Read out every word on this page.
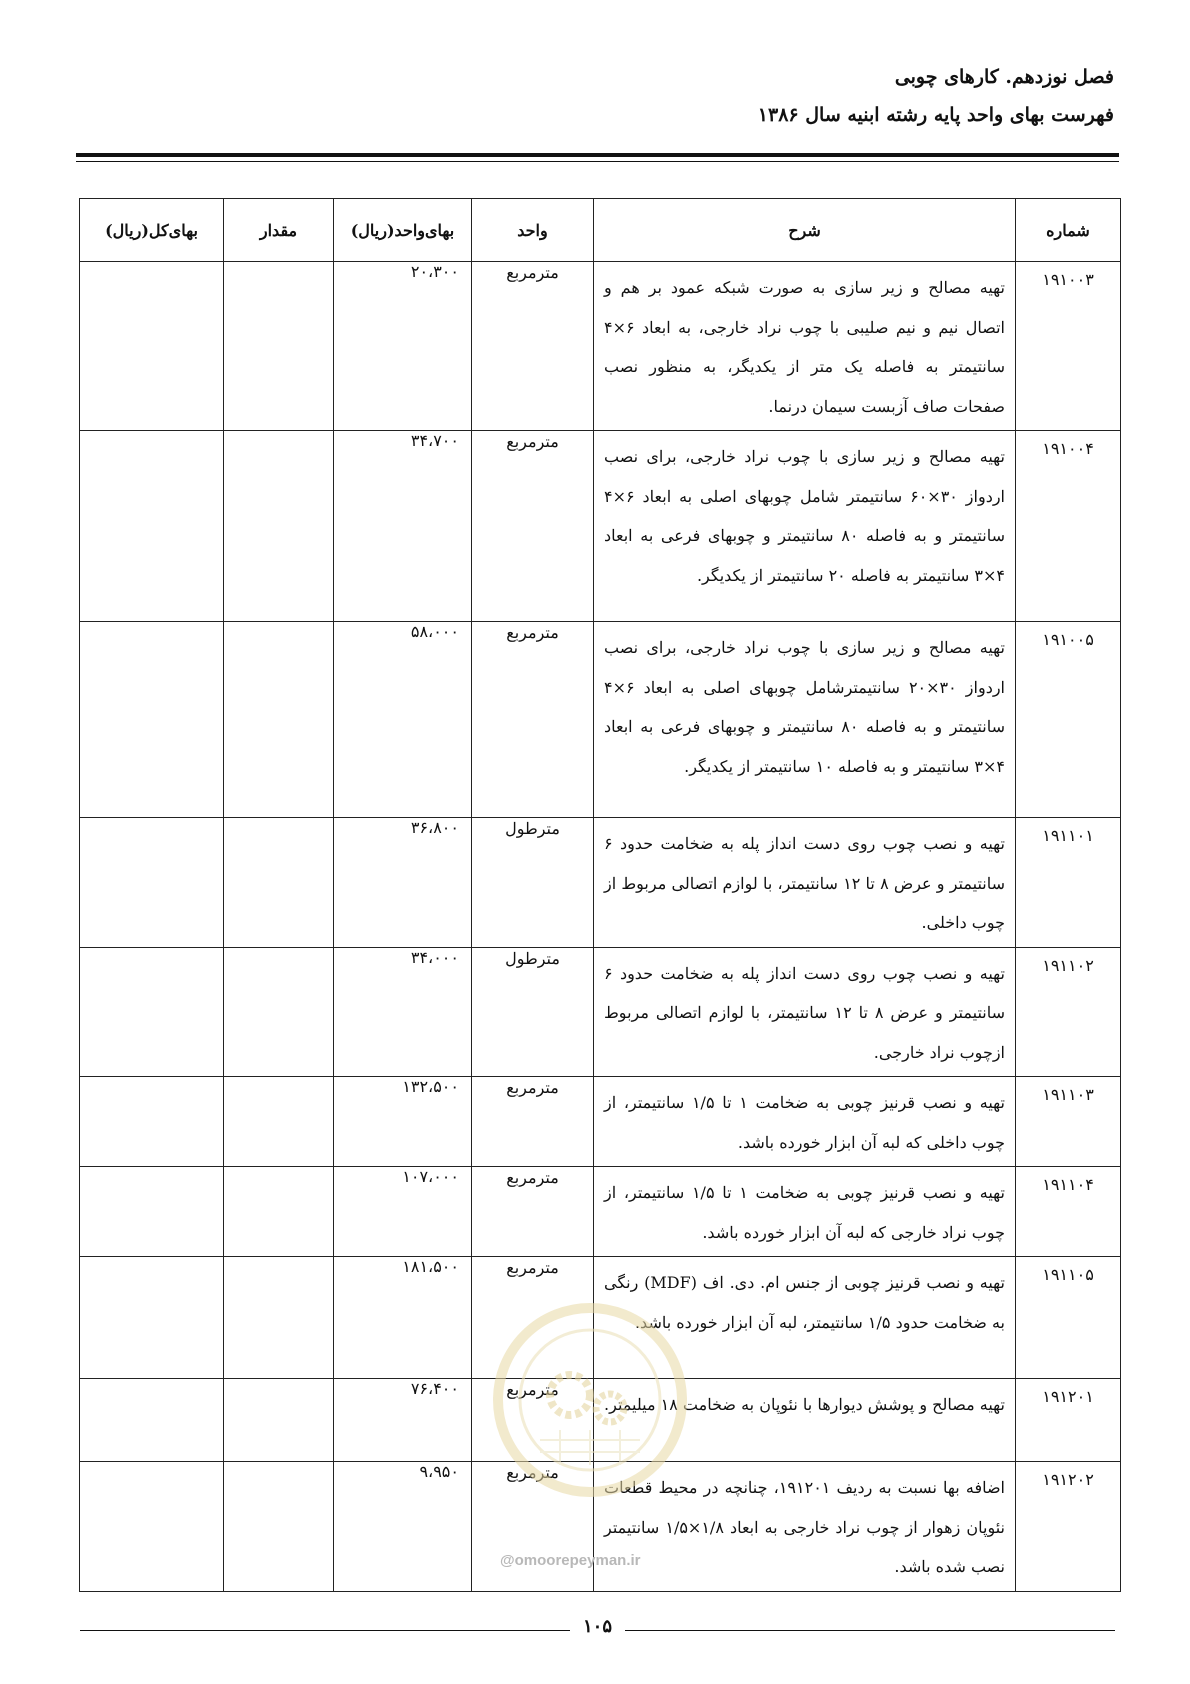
فصل نوزدهم. کارهای چوبی

فهرست بهای واحد پایه رشته ابنیه سال ۱۳۸۶

شماره	شرح	واحد	بهای‌واحد(ریال)	مقدار	بهای‌کل(ریال)
۱۹۱۰۰۳	تهیه مصالح و زیر سازی به صورت شبکه عمود بر هم و اتصال نیم و نیم صلیبی با چوب نراد خارجی، به ابعاد ۶×۴ سانتیمتر به فاصله یک متر از یکدیگر، به منظور نصب صفحات صاف آزبست سیمان درنما.	مترمربع	۲۰،۳۰۰		
۱۹۱۰۰۴	تهیه مصالح و زیر سازی با چوب نراد خارجی، برای نصب اردواز ۳۰×۶۰ سانتیمتر شامل چوبهای اصلی به ابعاد ۶×۴ سانتیمتر و به فاصله ۸۰ سانتیمتر و چوبهای فرعی به ابعاد ۴×۳ سانتیمتر به فاصله ۲۰ سانتیمتر از یکدیگر.	مترمربع	۳۴،۷۰۰		
۱۹۱۰۰۵	تهیه مصالح و زیر سازی با چوب نراد خارجی، برای نصب اردواز ۳۰×۲۰ سانتیمترشامل چوبهای اصلی به ابعاد ۶×۴ سانتیمتر و به فاصله ۸۰ سانتیمتر و چوبهای فرعی به ابعاد ۴×۳ سانتیمتر و به فاصله ۱۰ سانتیمتر از یکدیگر.	مترمربع	۵۸،۰۰۰		
۱۹۱۱۰۱	تهیه و نصب چوب روی دست انداز پله به ضخامت حدود ۶ سانتیمتر و عرض ۸ تا ۱۲ سانتیمتر، با لوازم اتصالی مربوط از چوب داخلی.	مترطول	۳۶،۸۰۰		
۱۹۱۱۰۲	تهیه و نصب چوب روی دست انداز پله به ضخامت حدود ۶ سانتیمتر و عرض ۸ تا ۱۲ سانتیمتر، با لوازم اتصالی مربوط ازچوب نراد خارجی.	مترطول	۳۴،۰۰۰		
۱۹۱۱۰۳	تهیه و نصب قرنیز چوبی به ضخامت ۱ تا ۱/۵ سانتیمتر، از چوب داخلی که لبه آن ابزار خورده باشد.	مترمربع	۱۳۲،۵۰۰		
۱۹۱۱۰۴	تهیه و نصب قرنیز چوبی به ضخامت ۱ تا ۱/۵ سانتیمتر، از چوب نراد خارجی که لبه آن ابزار خورده باشد.	مترمربع	۱۰۷،۰۰۰		
۱۹۱۱۰۵	تهیه و نصب قرنیز چوبی از جنس ام. دی. اف (MDF) رنگی به ضخامت حدود ۱/۵ سانتیمتر، لبه آن ابزار خورده باشد.	مترمربع	۱۸۱،۵۰۰		
۱۹۱۲۰۱	تهیه مصالح و پوشش دیوارها با نئوپان به ضخامت ۱۸ میلیمتر.	مترمربع	۷۶،۴۰۰		
۱۹۱۲۰۲	اضافه بها نسبت به ردیف ۱۹۱۲۰۱، چنانچه در محیط قطعات نئوپان زهوار از چوب نراد خارجی به ابعاد ۱/۸×۱/۵ سانتیمتر نصب شده باشد.	مترمربع	۹،۹۵۰		
@omoorepeyman.ir
۱۰۵
